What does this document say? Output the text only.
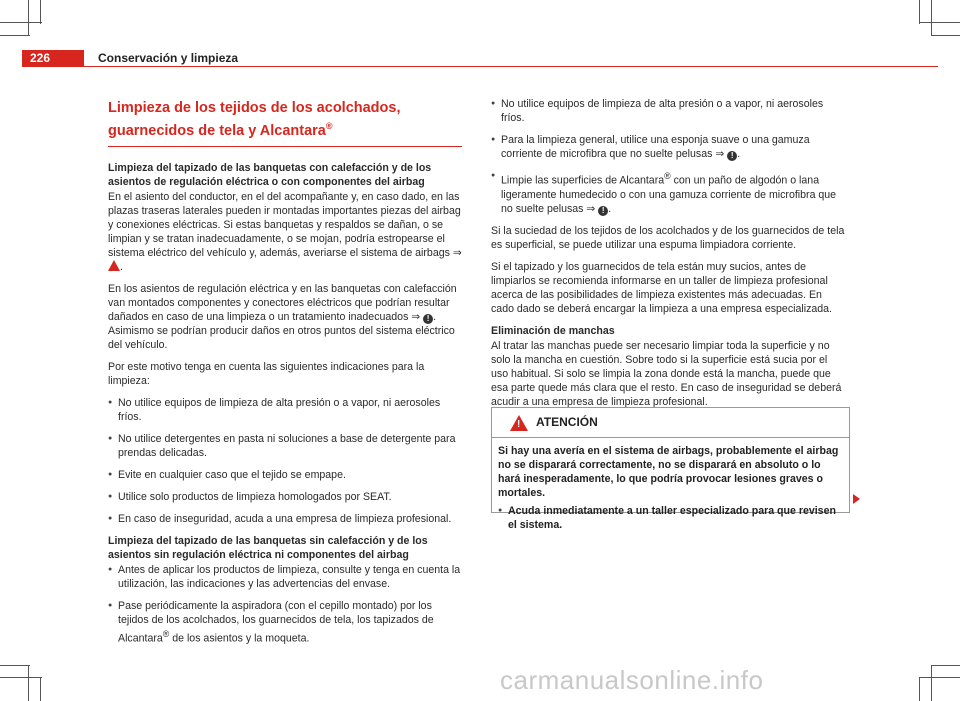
226	Conservación y limpieza

Limpieza de los tejidos de los acolchados, guarnecidos de tela y Alcantara®

Limpieza del tapizado de las banquetas con calefacción y de los asientos de regulación eléctrica o con componentes del airbag

En el asiento del conductor, en el del acompañante y, en caso dado, en las plazas traseras laterales pueden ir montadas importantes piezas del airbag y conexiones eléctricas. Si estas banquetas y respaldos se dañan, o se limpian y se tratan inadecuadamente, o se mojan, podría estropearse el sistema eléctrico del vehículo y, además, averiarse el sistema de airbags ⇒ .

En los asientos de regulación eléctrica y en las banquetas con calefacción van montados componentes y conectores eléctricos que podrían resultar dañados en caso de una limpieza o un tratamiento inadecuados ⇒ ! . Asimismo se podrían producir daños en otros puntos del sistema eléctrico del vehículo.

Por este motivo tenga en cuenta las siguientes indicaciones para la limpieza:

● No utilice equipos de limpieza de alta presión o a vapor, ni aerosoles fríos.

● No utilice detergentes en pasta ni soluciones a base de detergente para prendas delicadas.

● Evite en cualquier caso que el tejido se empape.

● Utilice solo productos de limpieza homologados por SEAT.

● En caso de inseguridad, acuda a una empresa de limpieza profesional.

Limpieza del tapizado de las banquetas sin calefacción y de los asientos sin regulación eléctrica ni componentes del airbag

● Antes de aplicar los productos de limpieza, consulte y tenga en cuenta la utilización, las indicaciones y las advertencias del envase.

● Pase periódicamente la aspiradora (con el cepillo montado) por los tejidos de los acolchados, los guarnecidos de tela, los tapizados de Alcantara® de los asientos y la moqueta.

● No utilice equipos de limpieza de alta presión o a vapor, ni aerosoles fríos.

● Para la limpieza general, utilice una esponja suave o una gamuza corriente de microfibra que no suelte pelusas ⇒ ! .

● Limpie las superficies de Alcantara® con un paño de algodón o lana ligeramente humedecido o con una gamuza corriente de microfibra que no suelte pelusas ⇒ ! .

Si la suciedad de los tejidos de los acolchados y de los guarnecidos de tela es superficial, se puede utilizar una espuma limpiadora corriente.

Si el tapizado y los guarnecidos de tela están muy sucios, antes de limpiarlos se recomienda informarse en un taller de limpieza profesional acerca de las posibilidades de limpieza existentes más adecuadas. En cado dado se deberá encargar la limpieza a una empresa especializada.

Eliminación de manchas

Al tratar las manchas puede ser necesario limpiar toda la superficie y no solo la mancha en cuestión. Sobre todo si la superficie está sucia por el uso habitual. Si solo se limpia la zona donde está la mancha, puede que esa parte quede más clara que el resto. En caso de inseguridad se deberá acudir a una empresa de limpieza profesional.

! ATENCIÓN

Si hay una avería en el sistema de airbags, probablemente el airbag no se disparará correctamente, no se disparará en absoluto o lo hará inesperadamente, lo que podría provocar lesiones graves o mortales.

● Acuda inmediatamente a un taller especializado para que revisen el sistema.

carmanualsonline.info
